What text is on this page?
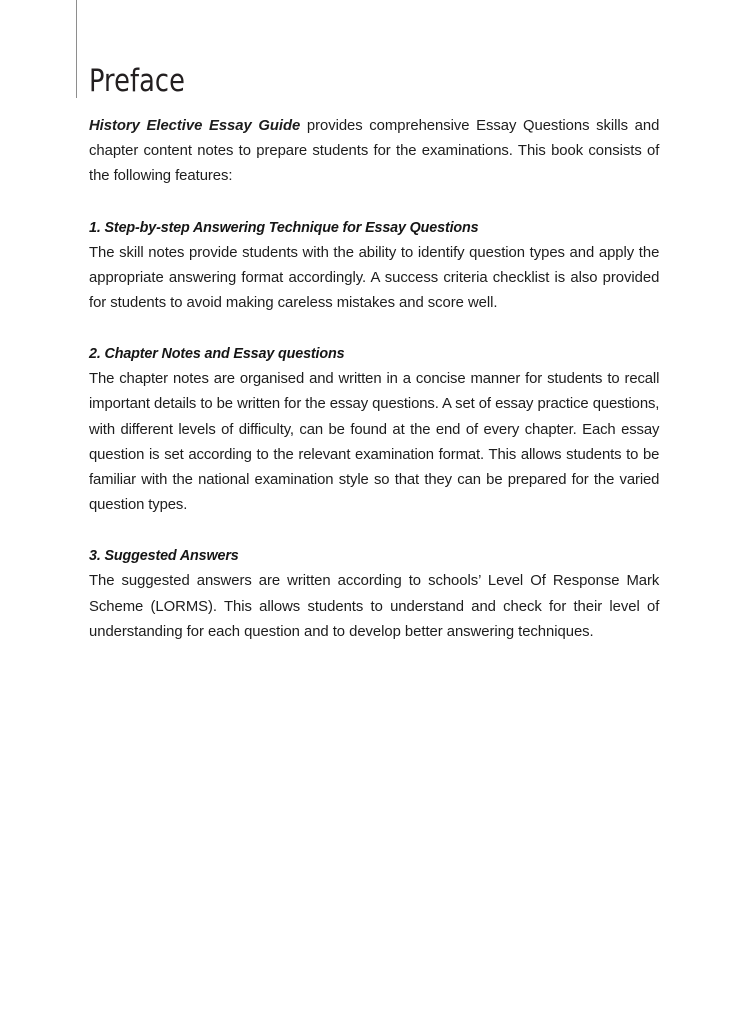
Preface

History Elective Essay Guide provides comprehensive Essay Questions skills and chapter content notes to prepare students for the examinations. This book consists of the following features:

1. Step-by-step Answering Technique for Essay Questions

The skill notes provide students with the ability to identify question types and apply the appropriate answering format accordingly. A success criteria checklist is also provided for students to avoid making careless mistakes and score well.

2. Chapter Notes and Essay questions

The chapter notes are organised and written in a concise manner for students to recall important details to be written for the essay questions. A set of essay practice questions, with different levels of difficulty, can be found at the end of every chapter. Each essay question is set according to the relevant examination format. This allows students to be familiar with the national examination style so that they can be prepared for the varied question types.

3. Suggested Answers

The suggested answers are written according to schools’ Level Of Response Mark Scheme (LORMS). This allows students to understand and check for their level of understanding for each question and to develop better answering techniques.
